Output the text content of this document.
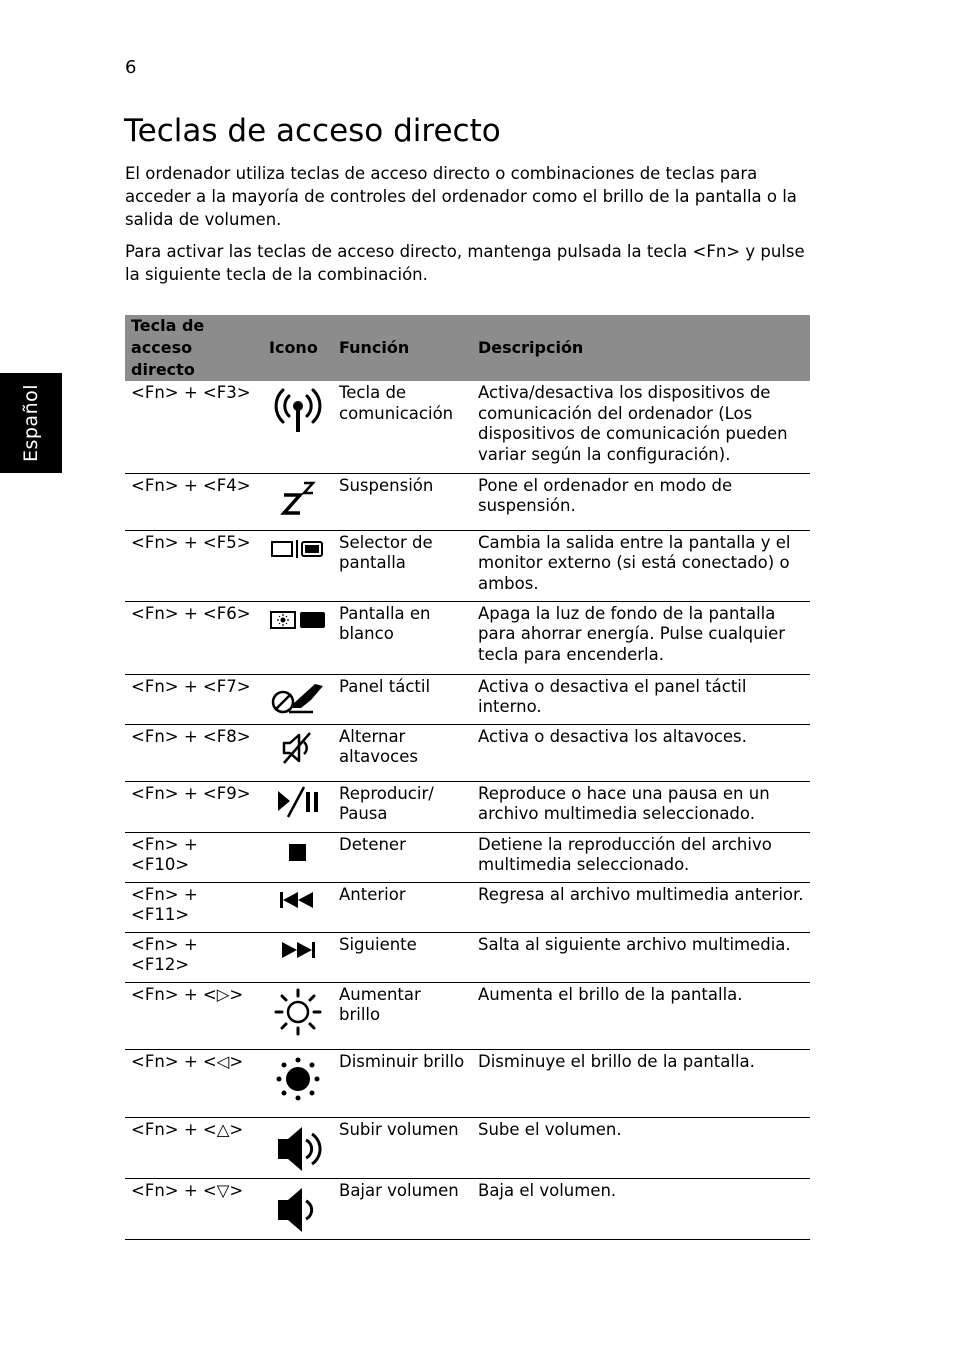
6
Español
Teclas de acceso directo

El ordenador utiliza teclas de acceso directo o combinaciones de teclas para acceder a la mayoría de controles del ordenador como el brillo de la pantalla o la salida de volumen.

Para activar las teclas de acceso directo, mantenga pulsada la tecla <Fn> y pulse la siguiente tecla de la combinación.

Tecla de acceso directo	Icono	Función	Descripción
<Fn> + <F3>		Tecla de comunicación	Activa/desactiva los dispositivos de comunicación del ordenador (Los dispositivos de comunicación pueden variar según la configuración).
<Fn> + <F4>		Suspensión	Pone el ordenador en modo de suspensión.
<Fn> + <F5>		Selector de pantalla	Cambia la salida entre la pantalla y el monitor externo (si está conectado) o ambos.
<Fn> + <F6>		Pantalla en blanco	Apaga la luz de fondo de la pantalla para ahorrar energía. Pulse cualquier tecla para encenderla.
<Fn> + <F7>		Panel táctil	Activa o desactiva el panel táctil interno.
<Fn> + <F8>		Alternar altavoces	Activa o desactiva los altavoces.
<Fn> + <F9>		Reproducir/ Pausa	Reproduce o hace una pausa en un archivo multimedia seleccionado.
<Fn> + <F10>		Detener	Detiene la reproducción del archivo multimedia seleccionado.
<Fn> + <F11>		Anterior	Regresa al archivo multimedia anterior.
<Fn> + <F12>		Siguiente	Salta al siguiente archivo multimedia.
<Fn> + <▷>		Aumentar brillo	Aumenta el brillo de la pantalla.
<Fn> + <◁>		Disminuir brillo	Disminuye el brillo de la pantalla.
<Fn> + <△>		Subir volumen	Sube el volumen.
<Fn> + <▽>		Bajar volumen	Baja el volumen.
